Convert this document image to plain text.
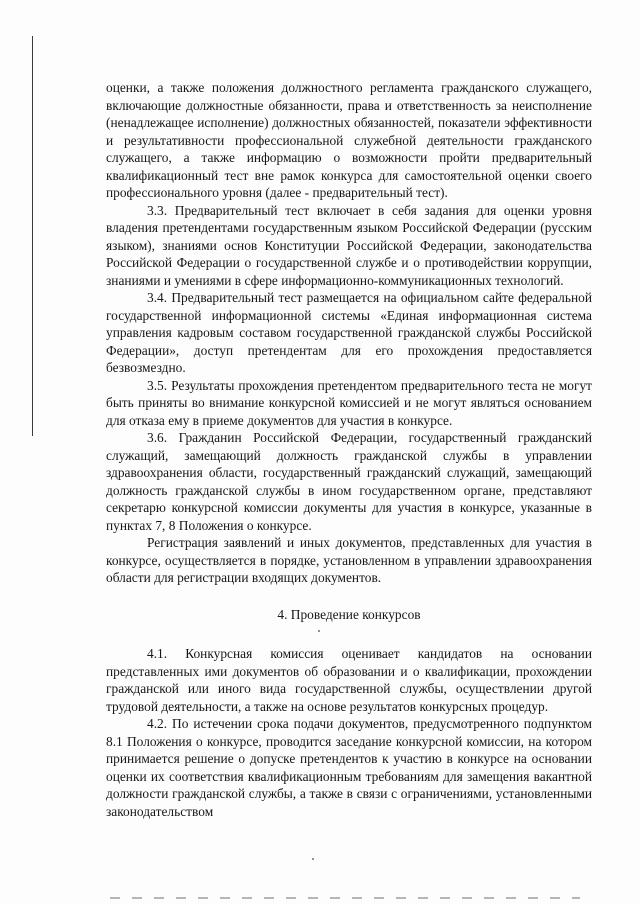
оценки, а также положения должностного регламента гражданского служащего, включающие должностные обязанности, права и ответственность за неисполнение (ненадлежащее исполнение) должностных обязанностей, показатели эффективности и результативности профессиональной служебной деятельности гражданского служащего, а также информацию о возможности пройти предварительный квалификационный тест вне рамок конкурса для самостоятельной оценки своего профессионального уровня (далее - предварительный тест).

3.3. Предварительный тест включает в себя задания для оценки уровня владения претендентами государственным языком Российской Федерации (русским языком), знаниями основ Конституции Российской Федерации, законодательства Российской Федерации о государственной службе и о противодействии коррупции, знаниями и умениями в сфере информационно-коммуникационных технологий.

3.4. Предварительный тест размещается на официальном сайте федеральной государственной информационной системы «Единая информационная система управления кадровым составом государственной гражданской службы Российской Федерации», доступ претендентам для его прохождения предоставляется безвозмездно.

3.5. Результаты прохождения претендентом предварительного теста не могут быть приняты во внимание конкурсной комиссией и не могут являться основанием для отказа ему в приеме документов для участия в конкурсе.

3.6. Гражданин Российской Федерации, государственный гражданский служащий, замещающий должность гражданской службы в управлении здравоохранения области, государственный гражданский служащий, замещающий должность гражданской службы в ином государственном органе, представляют секретарю конкурсной комиссии документы для участия в конкурсе, указанные в пунктах 7, 8 Положения о конкурсе.

Регистрация заявлений и иных документов, представленных для участия в конкурсе, осуществляется в порядке, установленном в управлении здравоохранения области для регистрации входящих документов.

4. Проведение конкурсов

4.1. Конкурсная комиссия оценивает кандидатов на основании представленных ими документов об образовании и о квалификации, прохождении гражданской или иного вида государственной службы, осуществлении другой трудовой деятельности, а также на основе результатов конкурсных процедур.

4.2. По истечении срока подачи документов, предусмотренного подпунктом 8.1 Положения о конкурсе, проводится заседание конкурсной комиссии, на котором принимается решение о допуске претендентов к участию в конкурсе на основании оценки их соответствия квалификационным требованиям для замещения вакантной должности гражданской службы, а также в связи с ограничениями, установленными законодательством
